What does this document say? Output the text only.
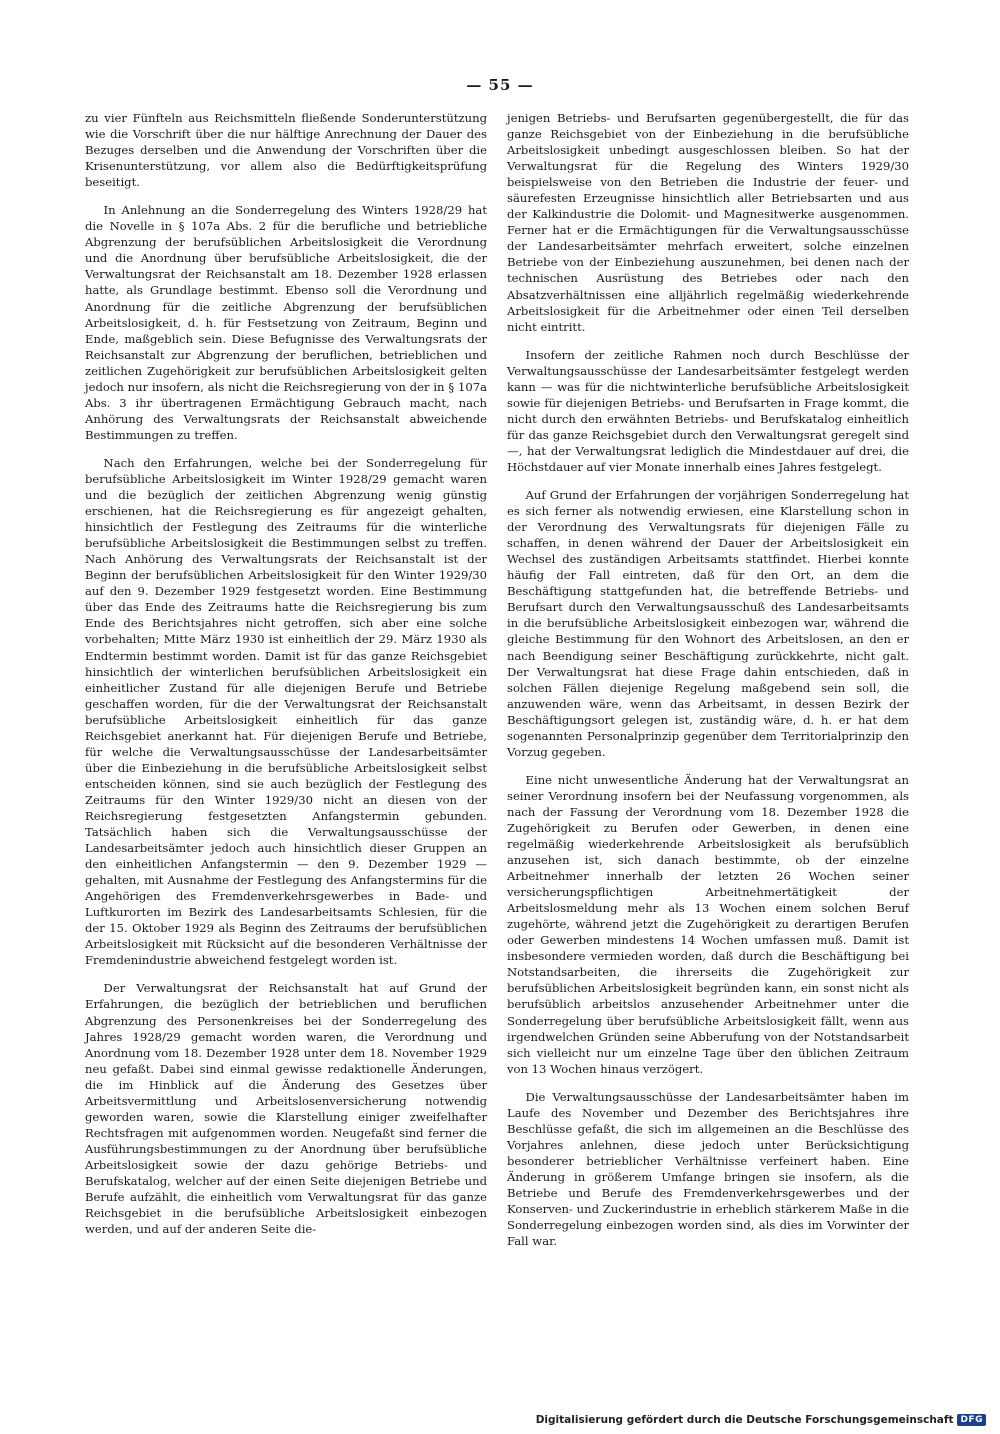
— 55 —

zu vier Fünfteln aus Reichsmitteln fließende Sonderunterstützung wie die Vorschrift über die nur hälftige Anrechnung der Dauer des Bezuges derselben und die Anwendung der Vorschriften über die Krisenunterstützung, vor allem also die Bedürftigkeitsprüfung beseitigt.

In Anlehnung an die Sonderregelung des Winters 1928/29 hat die Novelle in § 107a Abs. 2 für die berufliche und betriebliche Abgrenzung der berufsüblichen Arbeitslosigkeit die Verordnung und die Anordnung über berufsübliche Arbeitslosigkeit, die der Verwaltungsrat der Reichsanstalt am 18. Dezember 1928 erlassen hatte, als Grundlage bestimmt. Ebenso soll die Verordnung und Anordnung für die zeitliche Abgrenzung der berufsüblichen Arbeitslosigkeit, d. h. für Festsetzung von Zeitraum, Beginn und Ende, maßgeblich sein. Diese Befugnisse des Verwaltungsrats der Reichsanstalt zur Abgrenzung der beruflichen, betrieblichen und zeitlichen Zugehörigkeit zur berufsüblichen Arbeitslosigkeit gelten jedoch nur insofern, als nicht die Reichsregierung von der in § 107a Abs. 3 ihr übertragenen Ermächtigung Gebrauch macht, nach Anhörung des Verwaltungsrats der Reichsanstalt abweichende Bestimmungen zu treffen.

Nach den Erfahrungen, welche bei der Sonderregelung für berufsübliche Arbeitslosigkeit im Winter 1928/29 gemacht waren und die bezüglich der zeitlichen Abgrenzung wenig günstig erschienen, hat die Reichsregierung es für angezeigt gehalten, hinsichtlich der Festlegung des Zeitraums für die winterliche berufsübliche Arbeitslosigkeit die Bestimmungen selbst zu treffen. Nach Anhörung des Verwaltungsrats der Reichsanstalt ist der Beginn der berufsüblichen Arbeitslosigkeit für den Winter 1929/30 auf den 9. Dezember 1929 festgesetzt worden. Eine Bestimmung über das Ende des Zeitraums hatte die Reichsregierung bis zum Ende des Berichtsjahres nicht getroffen, sich aber eine solche vorbehalten; Mitte März 1930 ist einheitlich der 29. März 1930 als Endtermin bestimmt worden. Damit ist für das ganze Reichsgebiet hinsichtlich der winterlichen berufsüblichen Arbeitslosigkeit ein einheitlicher Zustand für alle diejenigen Berufe und Betriebe geschaffen worden, für die der Verwaltungsrat der Reichsanstalt berufsübliche Arbeitslosigkeit einheitlich für das ganze Reichsgebiet anerkannt hat. Für diejenigen Berufe und Betriebe, für welche die Verwaltungsausschüsse der Landesarbeitsämter über die Einbeziehung in die berufsübliche Arbeitslosigkeit selbst entscheiden können, sind sie auch bezüglich der Festlegung des Zeitraums für den Winter 1929/30 nicht an diesen von der Reichsregierung festgesetzten Anfangstermin gebunden. Tatsächlich haben sich die Verwaltungsausschüsse der Landesarbeitsämter jedoch auch hinsichtlich dieser Gruppen an den einheitlichen Anfangstermin — den 9. Dezember 1929 — gehalten, mit Ausnahme der Festlegung des Anfangstermins für die Angehörigen des Fremdenverkehrsgewerbes in Bade- und Luftkurorten im Bezirk des Landesarbeitsamts Schlesien, für die der 15. Oktober 1929 als Beginn des Zeitraums der berufsüblichen Arbeitslosigkeit mit Rücksicht auf die besonderen Verhältnisse der Fremdenindustrie abweichend festgelegt worden ist.

Der Verwaltungsrat der Reichsanstalt hat auf Grund der Erfahrungen, die bezüglich der betrieblichen und beruflichen Abgrenzung des Personenkreises bei der Sonderregelung des Jahres 1928/29 gemacht worden waren, die Verordnung und Anordnung vom 18. Dezember 1928 unter dem 18. November 1929 neu gefaßt. Dabei sind einmal gewisse redaktionelle Änderungen, die im Hinblick auf die Änderung des Gesetzes über Arbeitsvermittlung und Arbeitslosenversicherung notwendig geworden waren, sowie die Klarstellung einiger zweifelhafter Rechtsfragen mit aufgenommen worden. Neugefaßt sind ferner die Ausführungsbestimmungen zu der Anordnung über berufsübliche Arbeitslosigkeit sowie der dazu gehörige Betriebs- und Berufskatalog, welcher auf der einen Seite diejenigen Betriebe und Berufe aufzählt, die einheitlich vom Verwaltungsrat für das ganze Reichsgebiet in die berufsübliche Arbeitslosigkeit einbezogen werden, und auf der anderen Seite die-

jenigen Betriebs- und Berufsarten gegenübergestellt, die für das ganze Reichsgebiet von der Einbeziehung in die berufsübliche Arbeitslosigkeit unbedingt ausgeschlossen bleiben. So hat der Verwaltungsrat für die Regelung des Winters 1929/30 beispielsweise von den Betrieben die Industrie der feuer- und säurefesten Erzeugnisse hinsichtlich aller Betriebsarten und aus der Kalkindustrie die Dolomit- und Magnesitwerke ausgenommen. Ferner hat er die Ermächtigungen für die Verwaltungsausschüsse der Landesarbeitsämter mehrfach erweitert, solche einzelnen Betriebe von der Einbeziehung auszunehmen, bei denen nach der technischen Ausrüstung des Betriebes oder nach den Absatzverhältnissen eine alljährlich regelmäßig wiederkehrende Arbeitslosigkeit für die Arbeitnehmer oder einen Teil derselben nicht eintritt.

Insofern der zeitliche Rahmen noch durch Beschlüsse der Verwaltungsausschüsse der Landesarbeitsämter festgelegt werden kann — was für die nichtwinterliche berufsübliche Arbeitslosigkeit sowie für diejenigen Betriebs- und Berufsarten in Frage kommt, die nicht durch den erwähnten Betriebs- und Berufskatalog einheitlich für das ganze Reichsgebiet durch den Verwaltungsrat geregelt sind —, hat der Verwaltungsrat lediglich die Mindestdauer auf drei, die Höchstdauer auf vier Monate innerhalb eines Jahres festgelegt.

Auf Grund der Erfahrungen der vorjährigen Sonderregelung hat es sich ferner als notwendig erwiesen, eine Klarstellung schon in der Verordnung des Verwaltungsrats für diejenigen Fälle zu schaffen, in denen während der Dauer der Arbeitslosigkeit ein Wechsel des zuständigen Arbeitsamts stattfindet. Hierbei konnte häufig der Fall eintreten, daß für den Ort, an dem die Beschäftigung stattgefunden hat, die betreffende Betriebs- und Berufsart durch den Verwaltungsausschuß des Landesarbeitsamts in die berufsübliche Arbeitslosigkeit einbezogen war, während die gleiche Bestimmung für den Wohnort des Arbeitslosen, an den er nach Beendigung seiner Beschäftigung zurückkehrte, nicht galt. Der Verwaltungsrat hat diese Frage dahin entschieden, daß in solchen Fällen diejenige Regelung maßgebend sein soll, die anzuwenden wäre, wenn das Arbeitsamt, in dessen Bezirk der Beschäftigungsort gelegen ist, zuständig wäre, d. h. er hat dem sogenannten Personalprinzip gegenüber dem Territorialprinzip den Vorzug gegeben.

Eine nicht unwesentliche Änderung hat der Verwaltungsrat an seiner Verordnung insofern bei der Neufassung vorgenommen, als nach der Fassung der Verordnung vom 18. Dezember 1928 die Zugehörigkeit zu Berufen oder Gewerben, in denen eine regelmäßig wiederkehrende Arbeitslosigkeit als berufsüblich anzusehen ist, sich danach bestimmte, ob der einzelne Arbeitnehmer innerhalb der letzten 26 Wochen seiner versicherungspflichtigen Arbeitnehmertätigkeit der Arbeitslosmeldung mehr als 13 Wochen einem solchen Beruf zugehörte, während jetzt die Zugehörigkeit zu derartigen Berufen oder Gewerben mindestens 14 Wochen umfassen muß. Damit ist insbesondere vermieden worden, daß durch die Beschäftigung bei Notstandsarbeiten, die ihrerseits die Zugehörigkeit zur berufsüblichen Arbeitslosigkeit begründen kann, ein sonst nicht als berufsüblich arbeitslos anzusehender Arbeitnehmer unter die Sonderregelung über berufsübliche Arbeitslosigkeit fällt, wenn aus irgendwelchen Gründen seine Abberufung von der Notstandsarbeit sich vielleicht nur um einzelne Tage über den üblichen Zeitraum von 13 Wochen hinaus verzögert.

Die Verwaltungsausschüsse der Landesarbeitsämter haben im Laufe des November und Dezember des Berichtsjahres ihre Beschlüsse gefaßt, die sich im allgemeinen an die Beschlüsse des Vorjahres anlehnen, diese jedoch unter Berücksichtigung besonderer betrieblicher Verhältnisse verfeinert haben. Eine Änderung in größerem Umfange bringen sie insofern, als die Betriebe und Berufe des Fremdenverkehrsgewerbes und der Konserven- und Zuckerindustrie in erheblich stärkerem Maße in die Sonderregelung einbezogen worden sind, als dies im Vorwinter der Fall war.

Digitalisierung gefördert durch die Deutsche Forschungsgemeinschaft DFG
